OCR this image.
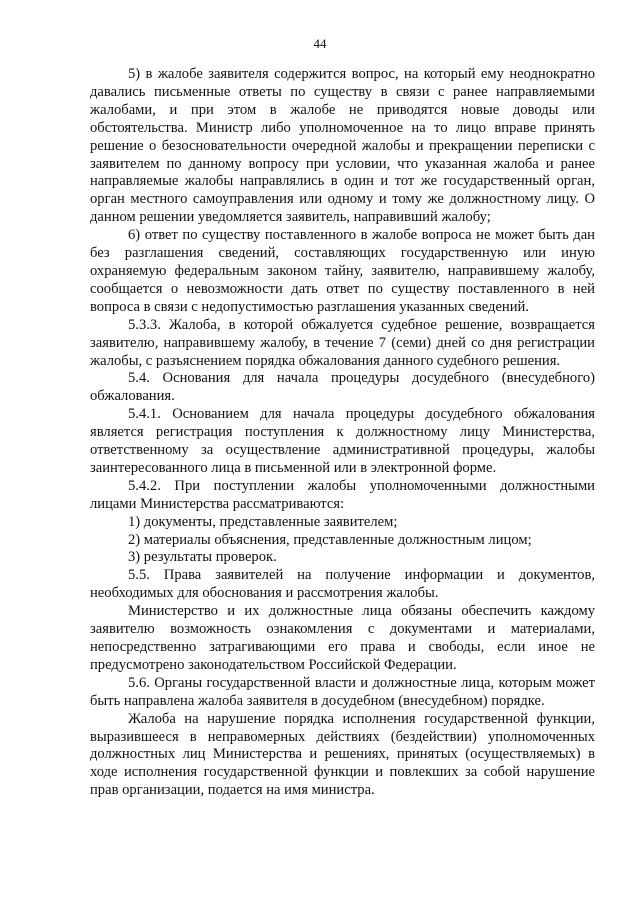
44

5) в жалобе заявителя содержится вопрос, на который ему неоднократно давались письменные ответы по существу в связи с ранее направляемыми жалобами, и при этом в жалобе не приводятся новые доводы или обстоятельства. Министр либо уполномоченное на то лицо вправе принять решение о безосновательности очередной жалобы и прекращении переписки с заявителем по данному вопросу при условии, что указанная жалоба и ранее направляемые жалобы направлялись в один и тот же государственный орган, орган местного самоуправления или одному и тому же должностному лицу. О данном решении уведомляется заявитель, направивший жалобу;

6) ответ по существу поставленного в жалобе вопроса не может быть дан без разглашения сведений, составляющих государственную или иную охраняемую федеральным законом тайну, заявителю, направившему жалобу, сообщается о невозможности дать ответ по существу поставленного в ней вопроса в связи с недопустимостью разглашения указанных сведений.

5.3.3. Жалоба, в которой обжалуется судебное решение, возвращается заявителю, направившему жалобу, в течение 7 (семи) дней со дня регистрации жалобы, с разъяснением порядка обжалования данного судебного решения.

5.4. Основания для начала процедуры досудебного (внесудебного) обжалования.

5.4.1. Основанием для начала процедуры досудебного обжалования является регистрация поступления к должностному лицу Министерства, ответственному за осуществление административной процедуры, жалобы заинтересованного лица в письменной или в электронной форме.

5.4.2. При поступлении жалобы уполномоченными должностными лицами Министерства рассматриваются:

1) документы, представленные заявителем;

2) материалы объяснения, представленные должностным лицом;

3) результаты проверок.

5.5. Права заявителей на получение информации и документов, необходимых для обоснования и рассмотрения жалобы.

Министерство и их должностные лица обязаны обеспечить каждому заявителю возможность ознакомления с документами и материалами, непосредственно затрагивающими его права и свободы, если иное не предусмотрено законодательством Российской Федерации.

5.6. Органы государственной власти и должностные лица, которым может быть направлена жалоба заявителя в досудебном (внесудебном) порядке.

Жалоба на нарушение порядка исполнения государственной функции, выразившееся в неправомерных действиях (бездействии) уполномоченных должностных лиц Министерства и решениях, принятых (осуществляемых) в ходе исполнения государственной функции и повлекших за собой нарушение прав организации, подается на имя министра.
